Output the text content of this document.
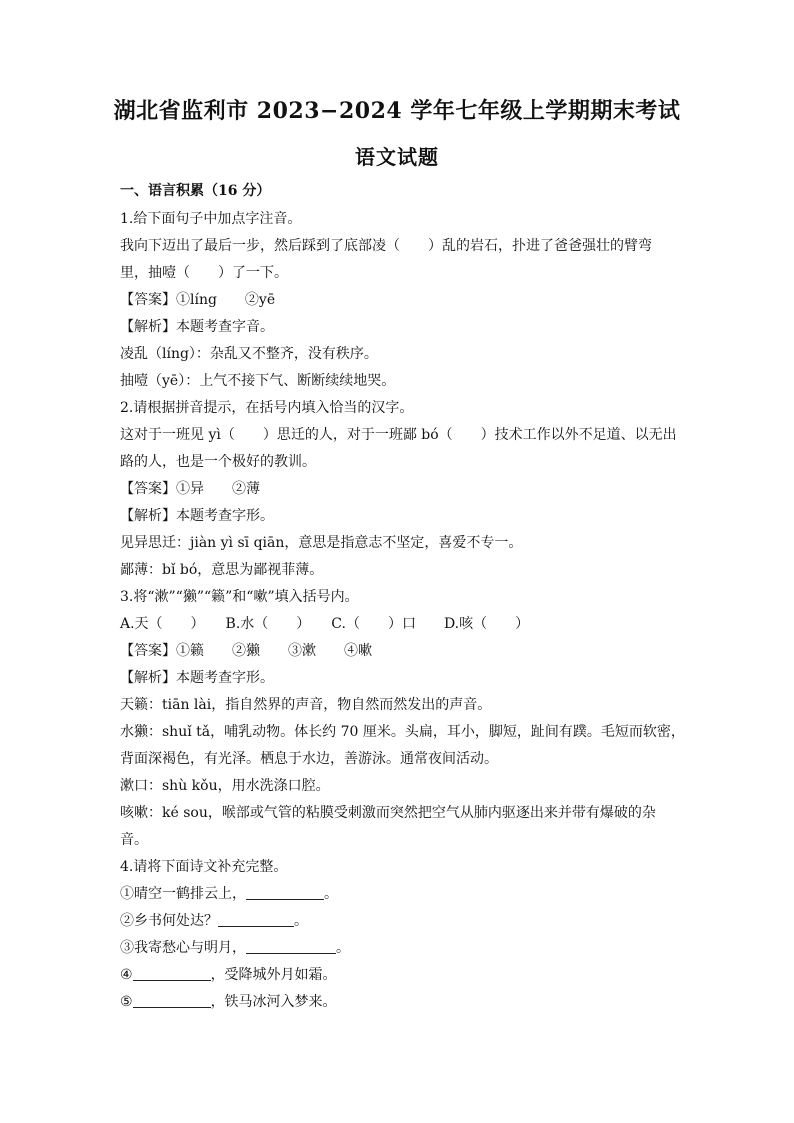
湖北省监利市 2023−2024 学年七年级上学期期末考试
语文试题
一、语言积累（16 分）
1.给下面句子中加点字注音。
我向下迈出了最后一步，然后踩到了底部凌（　　）乱的岩石，扑进了爸爸强壮的臂弯
里，抽噎（　　）了一下。
【答案】①líng　　②yē
【解析】本题考查字音。
凌乱（líng）：杂乱又不整齐，没有秩序。
抽噎（yē）：上气不接下气、断断续续地哭。
2.请根据拼音提示，在括号内填入恰当的汉字。
这对于一班见 yì（　　）思迁的人，对于一班鄙 bó（　　）技术工作以外不足道、以无出
路的人，也是一个极好的教训。
【答案】①异　　②薄
【解析】本题考查字形。
见异思迁：jiàn yì sī qiān，意思是指意志不坚定，喜爱不专一。
鄙薄：bǐ bó，意思为鄙视菲薄。
3.将“漱”“獭”“籁”和“嗽”填入括号内。
A.天（　　）　　B.水（　　）　　C.（　　）口　　D.咳（　　）
【答案】①籁　　②獭　　③漱　　④嗽
【解析】本题考查字形。
天籁：tiān lài，指自然界的声音，物自然而然发出的声音。
水獭：shuǐ tǎ，哺乳动物。体长约 70 厘米。头扁，耳小，脚短，趾间有蹼。毛短而软密，
背面深褐色，有光泽。栖息于水边，善游泳。通常夜间活动。
漱口：shù kǒu，用水洗涤口腔。
咳嗽：ké sou，喉部或气管的粘膜受刺激而突然把空气从肺内驱逐出来并带有爆破的杂
音。
4.请将下面诗文补充完整。
①晴空一鹤排云上，	。
②乡书何处达？	。
③我寄愁心与明月，	。
④	，受降城外月如霜。
⑤	，铁马冰河入梦来。
